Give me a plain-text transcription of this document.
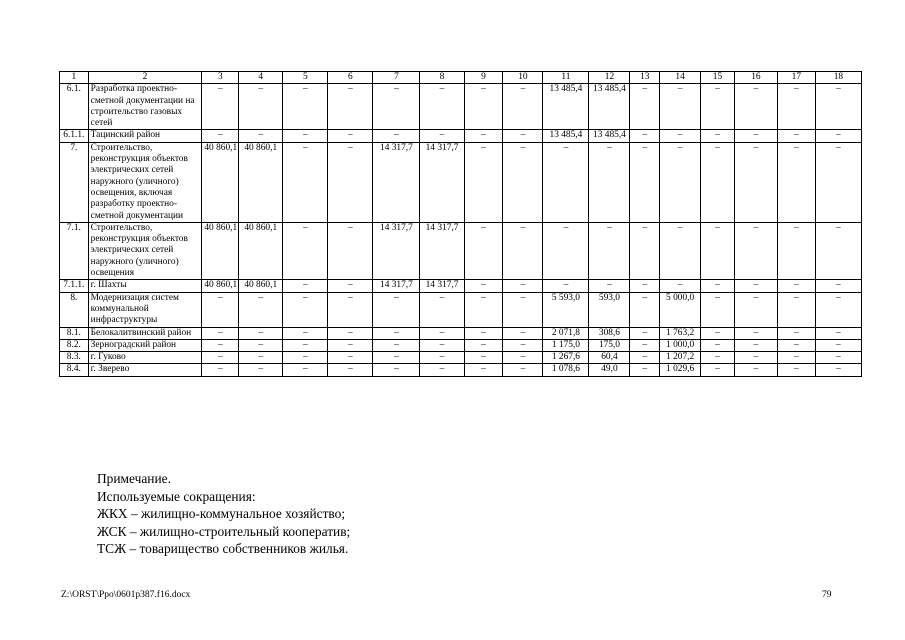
1	2	3	4	5	6	7	8	9	10	11	12	13	14	15	16	17	18
6.1.	Разработка проектно-сметной документации на строительство газовых сетей	–	–	–	–	–	–	–	–	13 485,4	13 485,4	–	–	–	–	–	–
6.1.1.	Тацинский район	–	–	–	–	–	–	–	–	13 485,4	13 485,4	–	–	–	–	–	–
7.	Строительство, реконструкция объектов электрических сетей наружного (уличного) освещения, включая разработку проектно-сметной документации	40 860,1	40 860,1	–	–	14 317,7	14 317,7	–	–	–	–	–	–	–	–	–	–
7.1.	Строительство, реконструкция объектов электрических сетей наружного (уличного) освещения	40 860,1	40 860,1	–	–	14 317,7	14 317,7	–	–	–	–	–	–	–	–	–	–
7.1.1.	г. Шахты	40 860,1	40 860,1	–	–	14 317,7	14 317,7	–	–	–	–	–	–	–	–	–	–
8.	Модернизация систем коммунальной инфраструктуры	–	–	–	–	–	–	–	–	5 593,0	593,0	–	5 000,0	–	–	–	–
8.1.	Белокалитвинский район	–	–	–	–	–	–	–	–	2 071,8	308,6	–	1 763,2	–	–	–	–
8.2.	Зерноградский район	–	–	–	–	–	–	–	–	1 175,0	175,0	–	1 000,0	–	–	–	–
8.3.	г. Гуково	–	–	–	–	–	–	–	–	1 267,6	60,4	–	1 207,2	–	–	–	–
8.4.	г. Зверево	–	–	–	–	–	–	–	–	1 078,6	49,0	–	1 029,6	–	–	–	–
Примечание.
Используемые сокращения:
ЖКХ – жилищно-коммунальное хозяйство;
ЖСК – жилищно-строительный кооператив;
ТСЖ – товарищество собственников жилья.
Z:\ORST\Ppo\0601p387.f16.docx	79
